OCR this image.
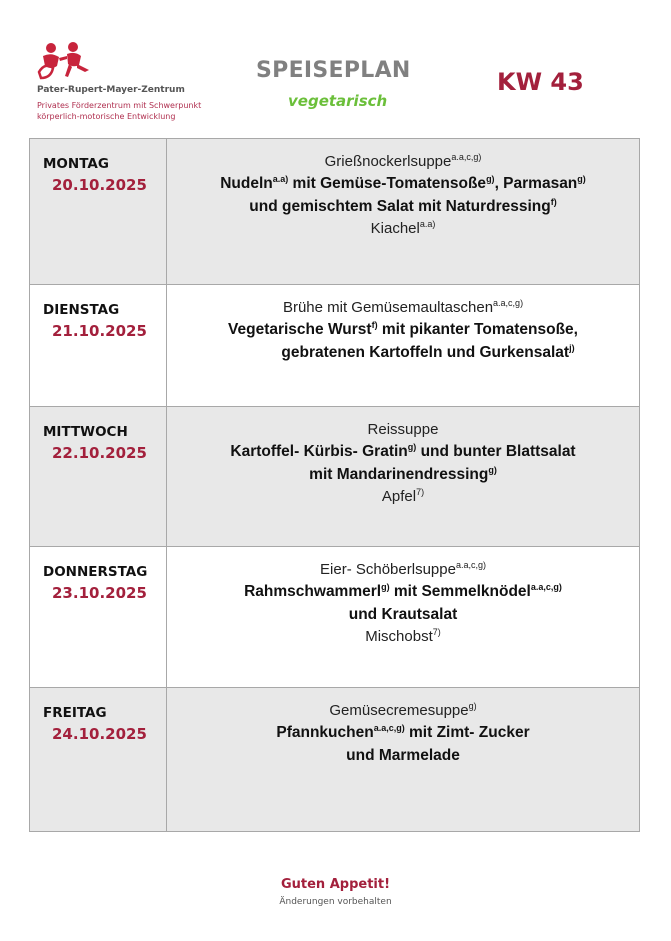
Pater-Rupert-Mayer-Zentrum
Privates Förderzentrum mit Schwerpunkt
körperlich-motorische Entwicklung
SPEISEPLAN
vegetarisch
KW 43
MONTAG
20.10.2025	Grießnockerlsuppe$^{a.a,c,g)}$
Nudeln$^{a.a)}$ mit Gemüse-Tomatensoße$^{g)}$, Parmasan$^{g)}$
und gemischtem Salat mit Naturdressing$^{f)}$
Kiachel$^{a.a)}$

DIENSTAG
21.10.2025	Brühe mit Gemüsemaultaschen$^{a.a,c,g)}$
Vegetarische Wurst$^{f)}$ mit pikanter Tomatensoße,
gebratenen Kartoffeln und Gurkensalat$^{j)}$

MITTWOCH
22.10.2025	Reissuppe
Kartoffel- Kürbis- Gratin$^{g)}$ und bunter Blattsalat
mit Mandarinendressing$^{g)}$
Apfel$^{7)}$

DONNERSTAG
23.10.2025	Eier- Schöberlsuppe$^{a.a,c,g)}$
Rahmschwammerl$^{g)}$ mit Semmelknödel$^{a.a,c,g)}$
und Krautsalat
Mischobst$^{7)}$

FREITAG
24.10.2025	Gemüsecremesuppe$^{g)}$
Pfannkuchen$^{a.a,c,g)}$ mit Zimt- Zucker
und Marmelade
Guten Appetit!
Änderungen vorbehalten
